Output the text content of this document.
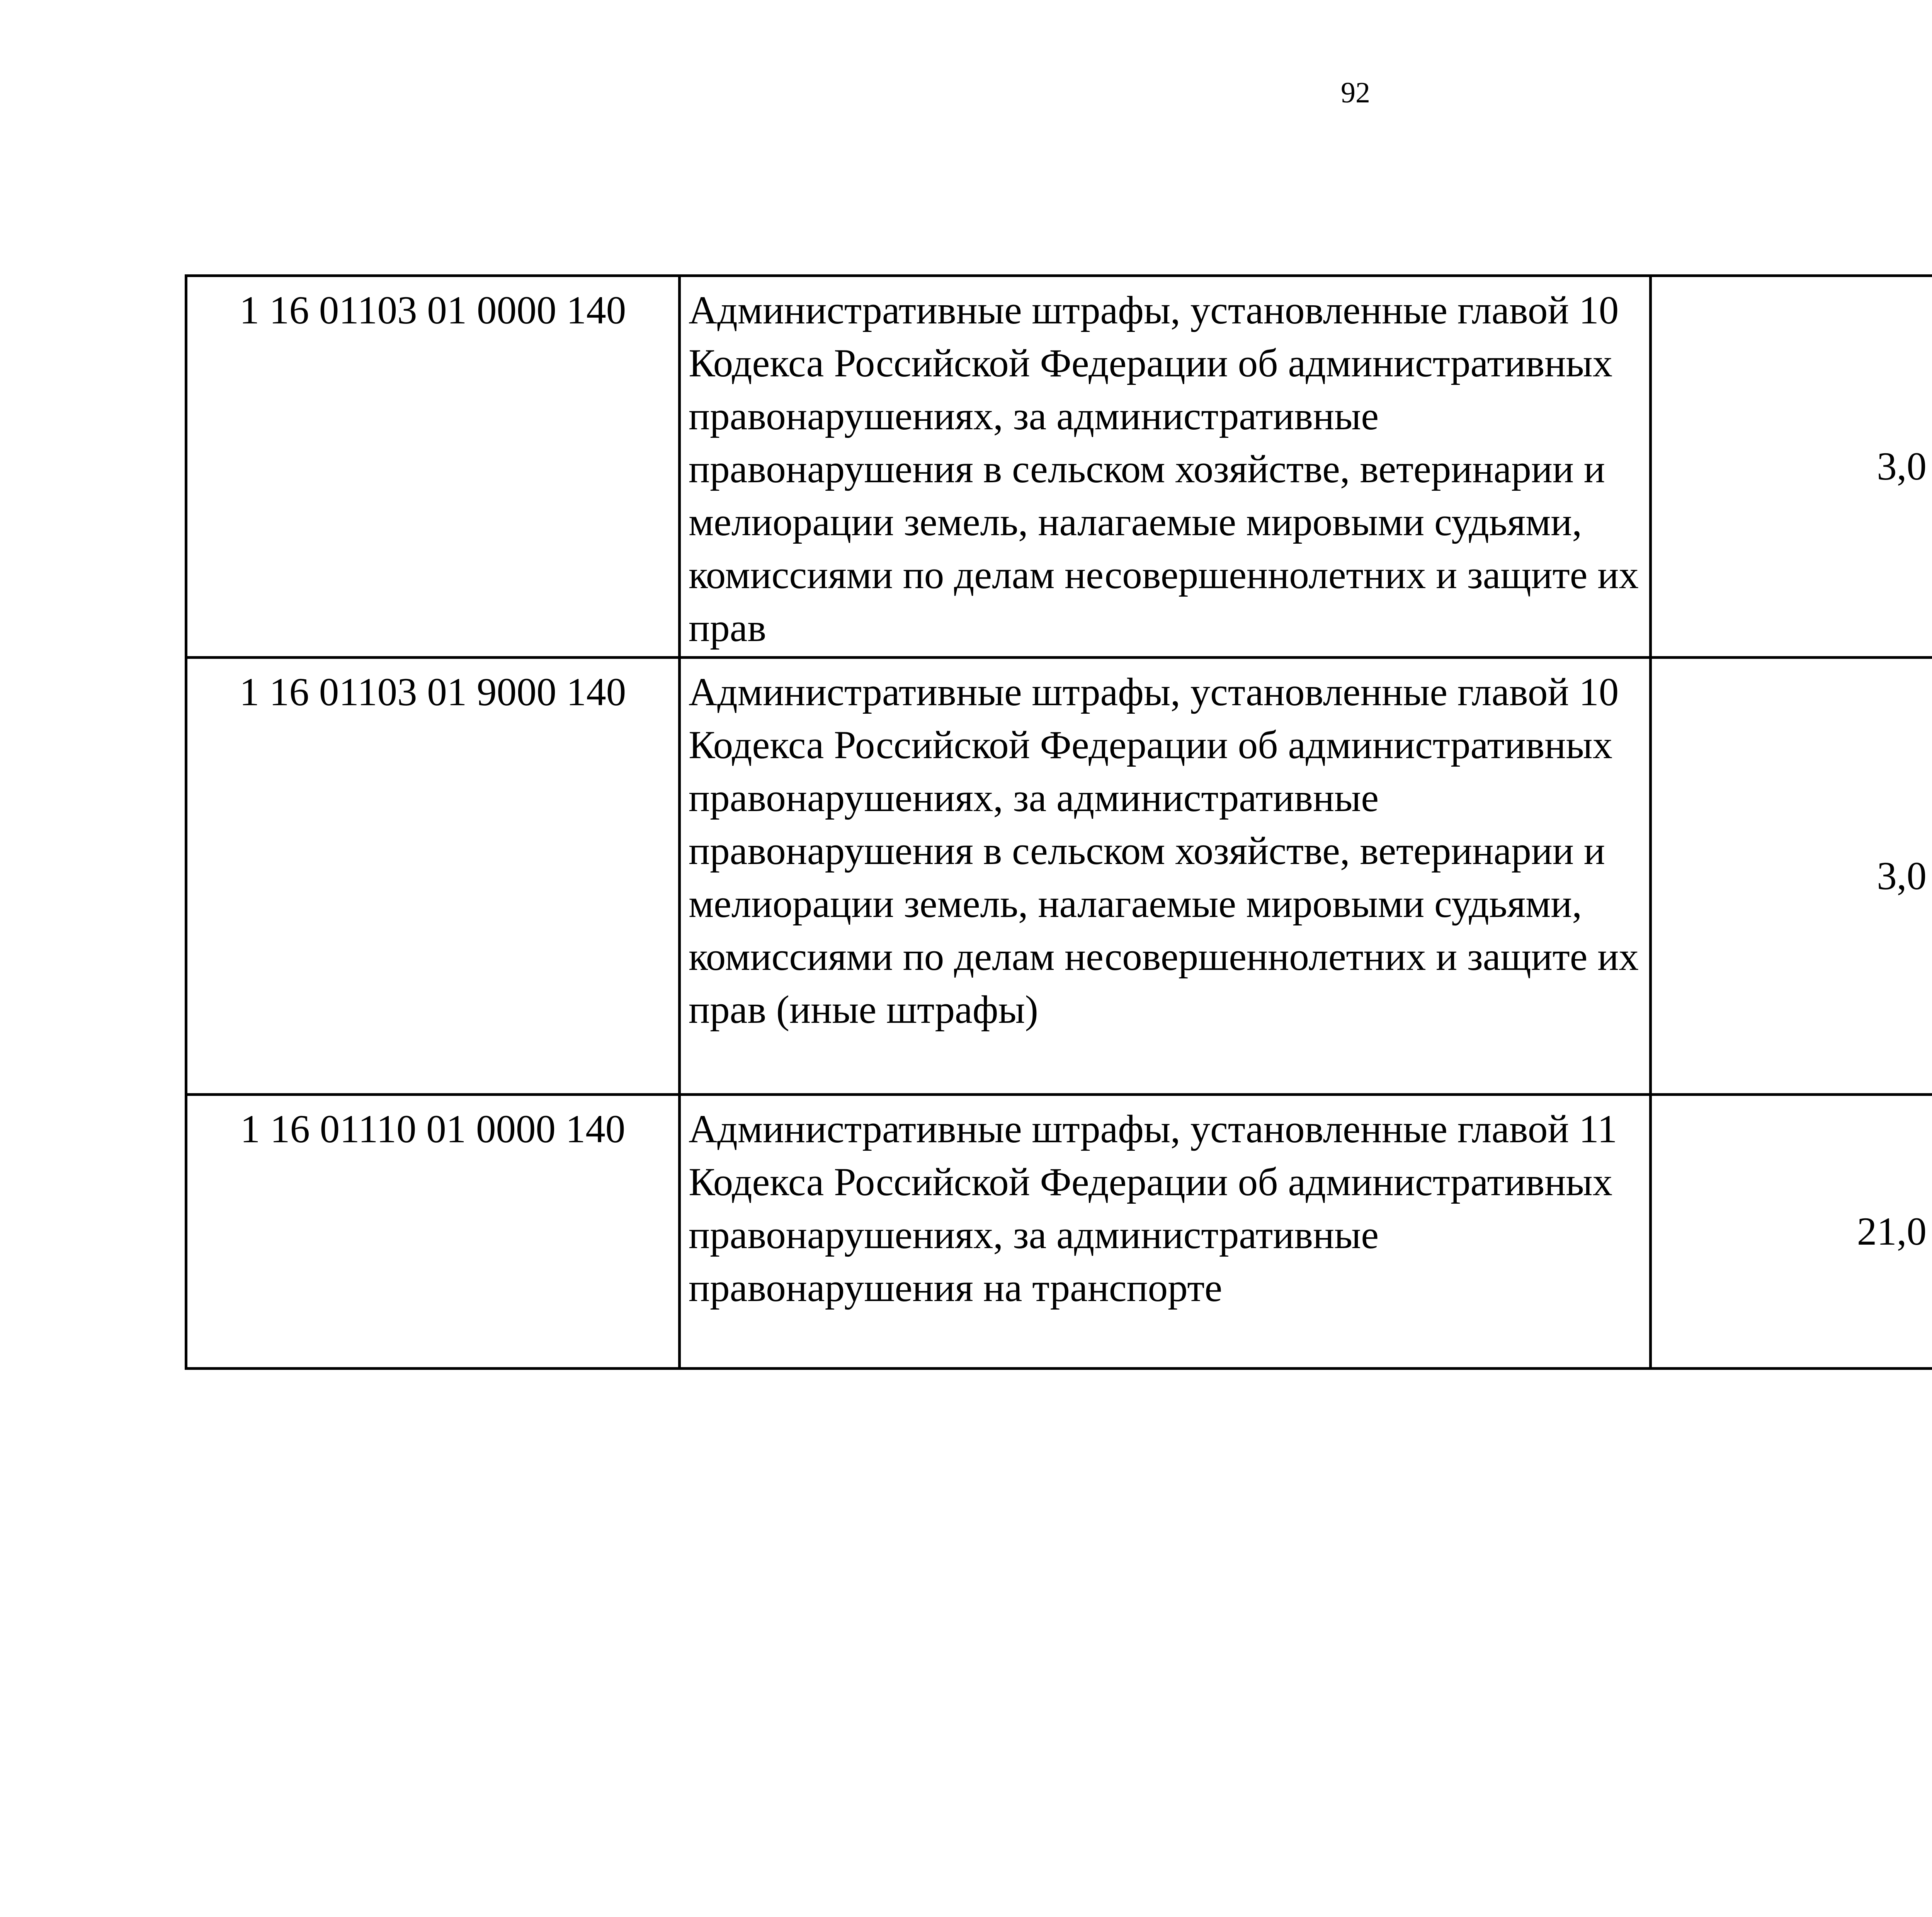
92
1 16 01103 01 0000 140	Административные штрафы, установленные главой 10 Кодекса Российской Федерации об административных правонарушениях, за административные правонарушения в сельском хозяйстве, ветеринарии и мелиорации земель, налагаемые мировыми судьями, комиссиями по делам несовершеннолетних и защите их прав	3,0		
1 16 01103 01 9000 140	Административные штрафы, установленные главой 10 Кодекса Российской Федерации об административных правонарушениях, за административные правонарушения в сельском хозяйстве, ветеринарии и мелиорации земель, налагаемые мировыми судьями, комиссиями по делам несовершеннолетних и защите их прав (иные штрафы)	3,0		
1 16 01110 01 0000 140	Административные штрафы, установленные главой 11 Кодекса Российской Федерации об административных правонарушениях, за административные правонарушения на транспорте	21,0		
